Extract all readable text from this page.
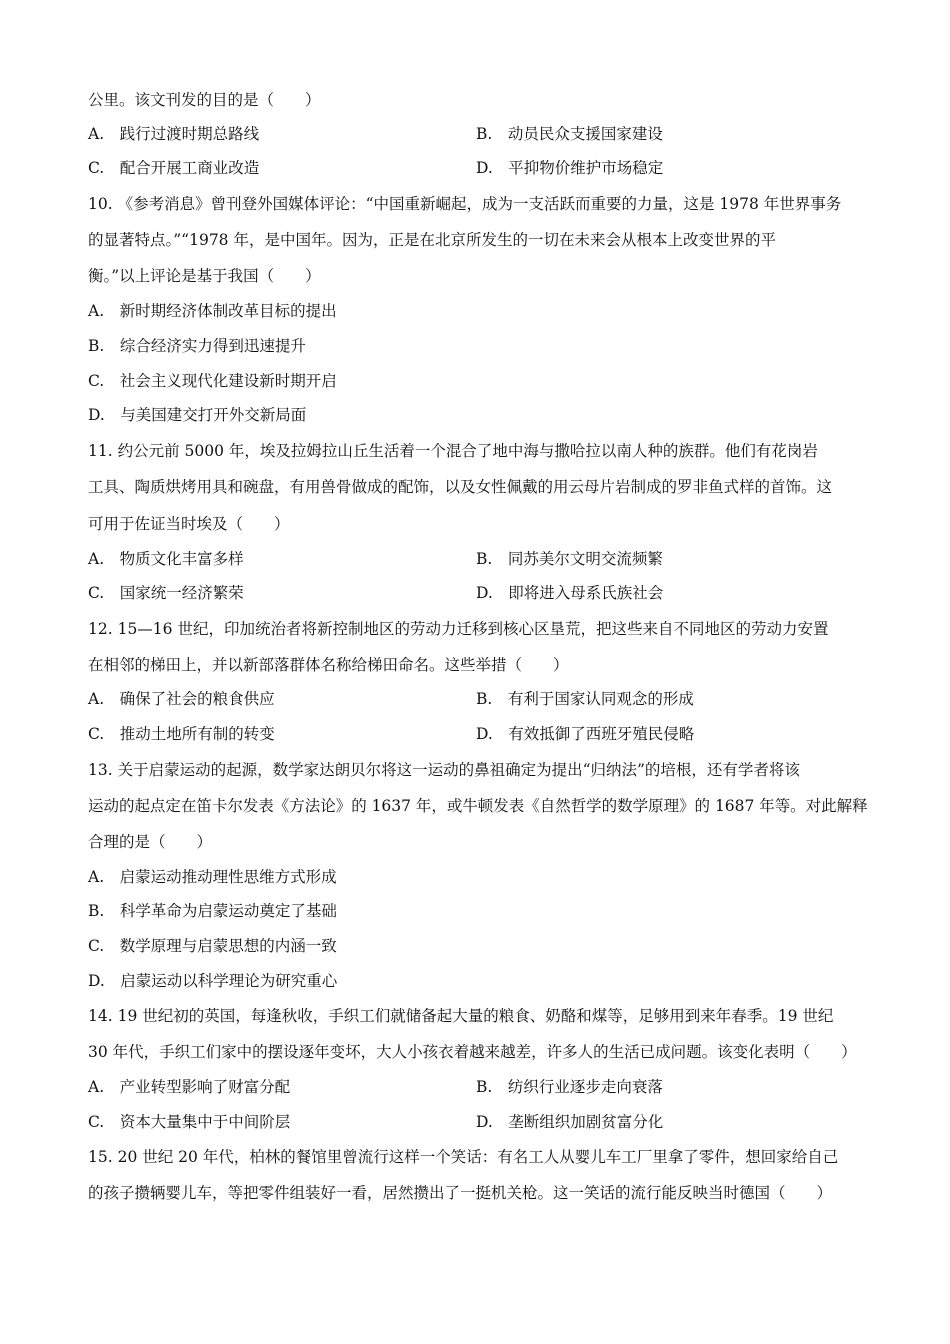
公里。该文刊发的目的是（　　）
A.　践行过渡时期总路线	B.　动员民众支援国家建设
C.　配合开展工商业改造	D.　平抑物价维护市场稳定
10. 《参考消息》曾刊登外国媒体评论：“中国重新崛起，成为一支活跃而重要的力量，这是 1978 年世界事务
的显著特点。”“1978 年，是中国年。因为，正是在北京所发生的一切在未来会从根本上改变世界的平
衡。”以上评论是基于我国（　　）
A.　新时期经济体制改革目标的提出
B.　综合经济实力得到迅速提升
C.　社会主义现代化建设新时期开启
D.　与美国建交打开外交新局面
11. 约公元前 5000 年，埃及拉姆拉山丘生活着一个混合了地中海与撒哈拉以南人种的族群。他们有花岗岩
工具、陶质烘烤用具和碗盘，有用兽骨做成的配饰，以及女性佩戴的用云母片岩制成的罗非鱼式样的首饰。这
可用于佐证当时埃及（　　）
A.　物质文化丰富多样	B.　同苏美尔文明交流频繁
C.　国家统一经济繁荣	D.　即将进入母系氏族社会
12. 15—16 世纪，印加统治者将新控制地区的劳动力迁移到核心区垦荒，把这些来自不同地区的劳动力安置
在相邻的梯田上，并以新部落群体名称给梯田命名。这些举措（　　）
A.　确保了社会的粮食供应	B.　有利于国家认同观念的形成
C.　推动土地所有制的转变	D.　有效抵御了西班牙殖民侵略
13. 关于启蒙运动的起源，数学家达朗贝尔将这一运动的鼻祖确定为提出“归纳法”的培根，还有学者将该
运动的起点定在笛卡尔发表《方法论》的 1637 年，或牛顿发表《自然哲学的数学原理》的 1687 年等。对此解释
合理的是（　　）
A.　启蒙运动推动理性思维方式形成
B.　科学革命为启蒙运动奠定了基础
C.　数学原理与启蒙思想的内涵一致
D.　启蒙运动以科学理论为研究重心
14. 19 世纪初的英国，每逢秋收，手织工们就储备起大量的粮食、奶酪和煤等，足够用到来年春季。19 世纪
30 年代，手织工们家中的摆设逐年变坏，大人小孩衣着越来越差，许多人的生活已成问题。该变化表明（　　）
A.　产业转型影响了财富分配	B.　纺织行业逐步走向衰落
C.　资本大量集中于中间阶层	D.　垄断组织加剧贫富分化
15. 20 世纪 20 年代，柏林的餐馆里曾流行这样一个笑话：有名工人从婴儿车工厂里拿了零件，想回家给自己
的孩子攒辆婴儿车，等把零件组装好一看，居然攒出了一挺机关枪。这一笑话的流行能反映当时德国（　　）
